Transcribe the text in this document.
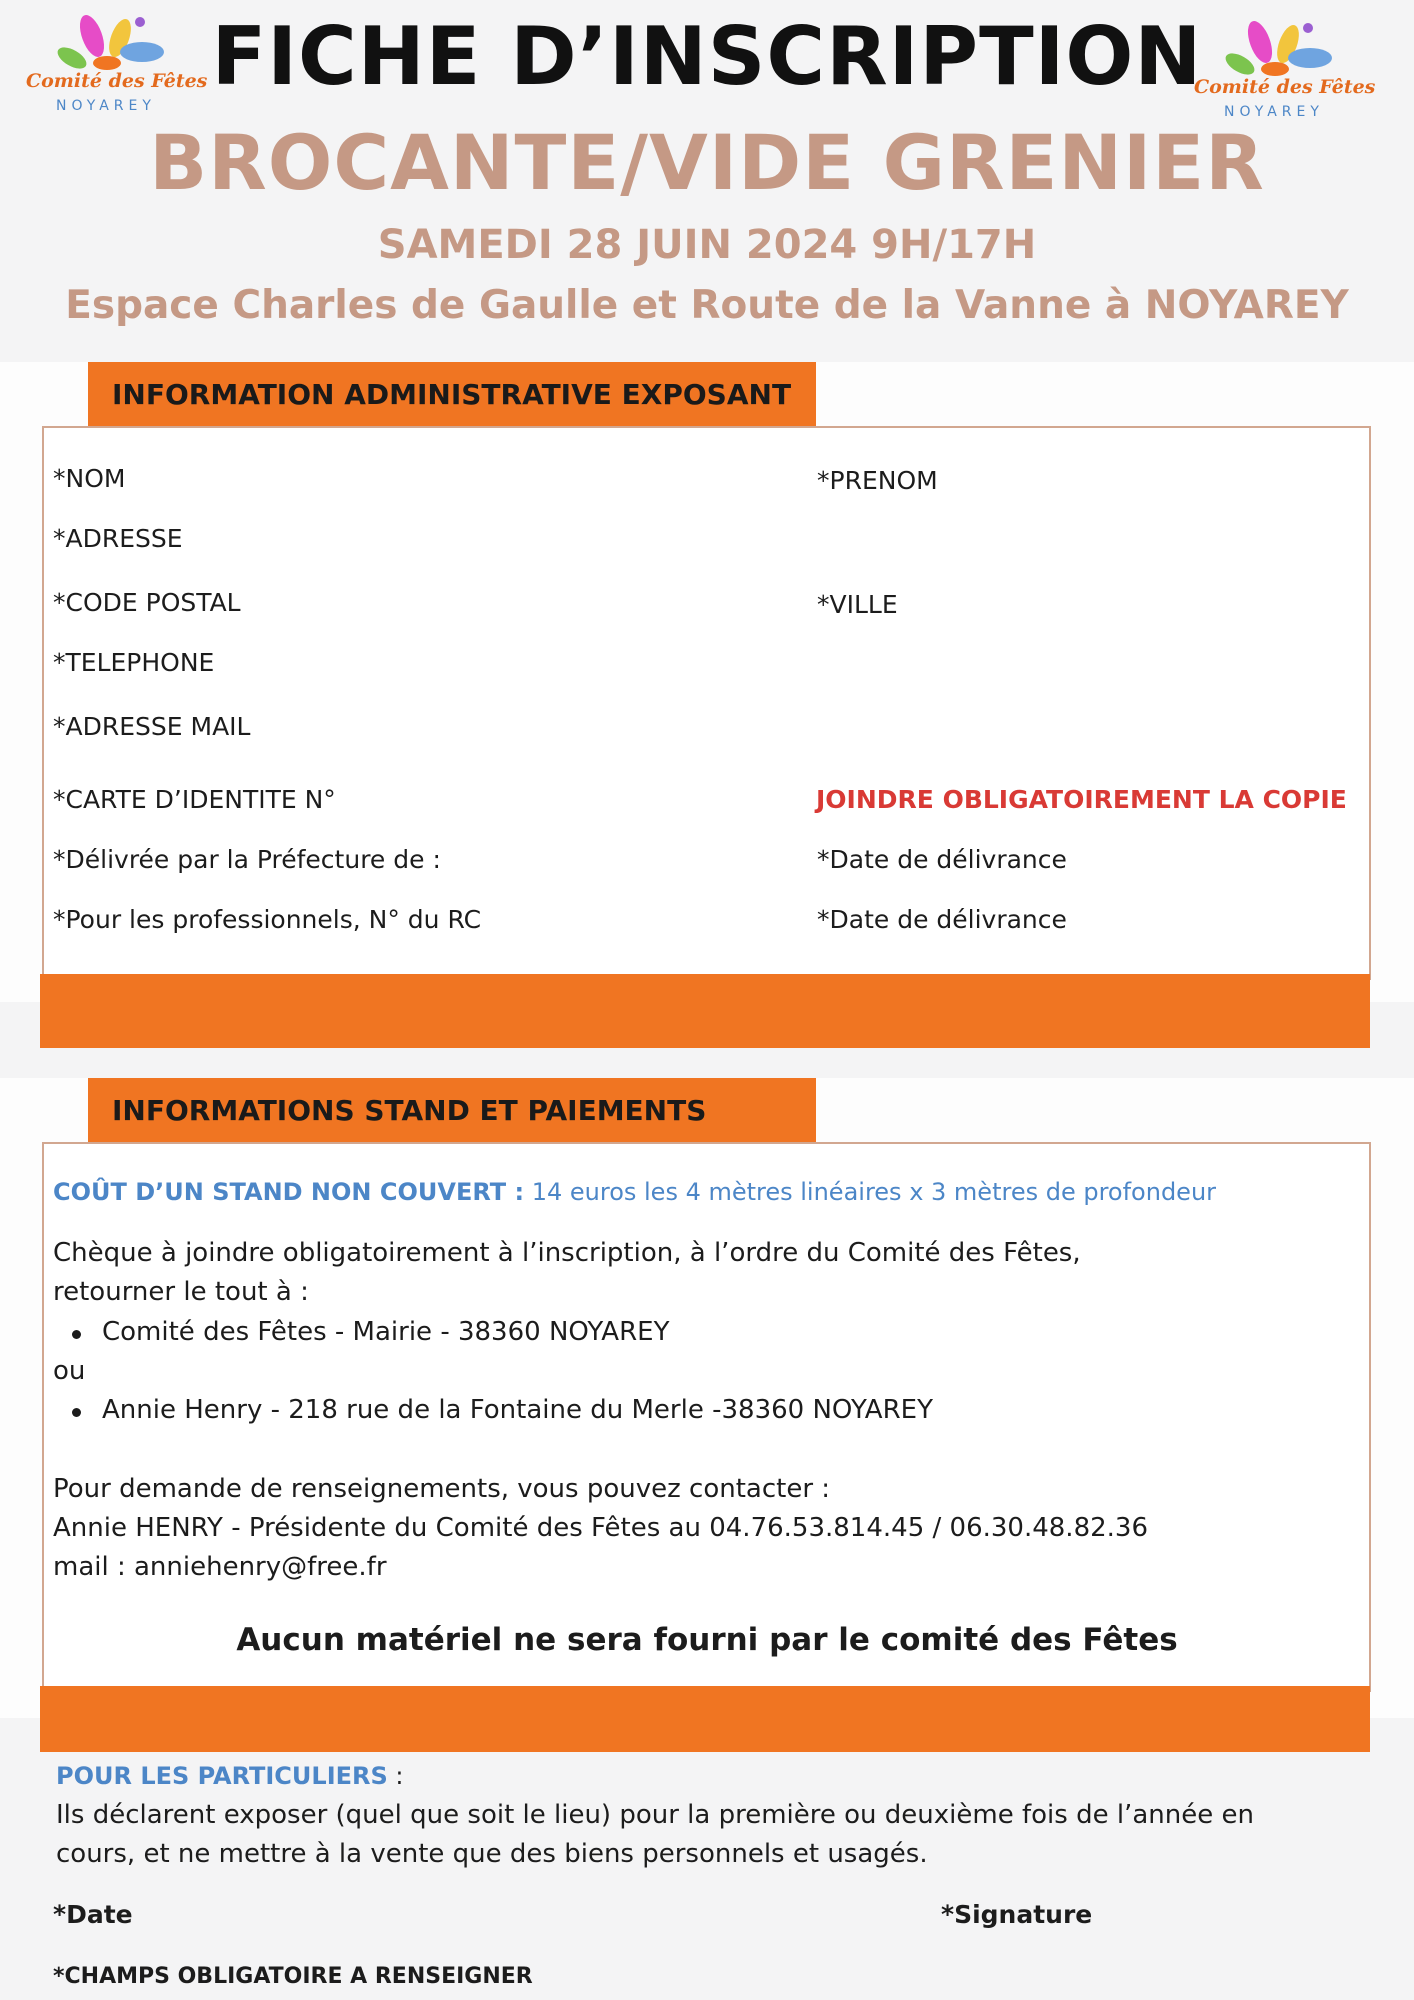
Comité des Fêtes
NOYAREY
Comité des Fêtes
NOYAREY
FICHE D’INSCRIPTION
BROCANTE/VIDE GRENIER
SAMEDI 28 JUIN 2024 9H/17H
Espace Charles de Gaulle et Route de la Vanne à NOYAREY
INFORMATION ADMINISTRATIVE EXPOSANT
*NOM	*PRENOM
*ADRESSE
*CODE POSTAL	*VILLE
*TELEPHONE
*ADRESSE MAIL
*CARTE D’IDENTITE N°	JOINDRE OBLIGATOIREMENT LA COPIE
*Délivrée par la Préfecture de :	*Date de délivrance
*Pour les professionnels, N° du RC	*Date de délivrance
INFORMATIONS STAND ET PAIEMENTS
COÛT D’UN STAND NON COUVERT : 14 euros les 4 mètres linéaires x 3 mètres de profondeur
Chèque à joindre obligatoirement à l’inscription, à l’ordre du Comité des Fêtes,
retourner le tout à :
Comité des Fêtes - Mairie - 38360 NOYAREY
ou
Annie Henry - 218 rue de la Fontaine du Merle -38360 NOYAREY
Pour demande de renseignements, vous pouvez contacter :
Annie HENRY - Présidente du Comité des Fêtes au 04.76.53.814.45 / 06.30.48.82.36
mail : anniehenry@free.fr
Aucun matériel ne sera fourni par le comité des Fêtes
POUR LES PARTICULIERS :
Ils déclarent exposer (quel que soit le lieu) pour la première ou deuxième fois de l’année en
cours, et ne mettre à la vente que des biens personnels et usagés.
*Date	*Signature
*CHAMPS OBLIGATOIRE A RENSEIGNER
